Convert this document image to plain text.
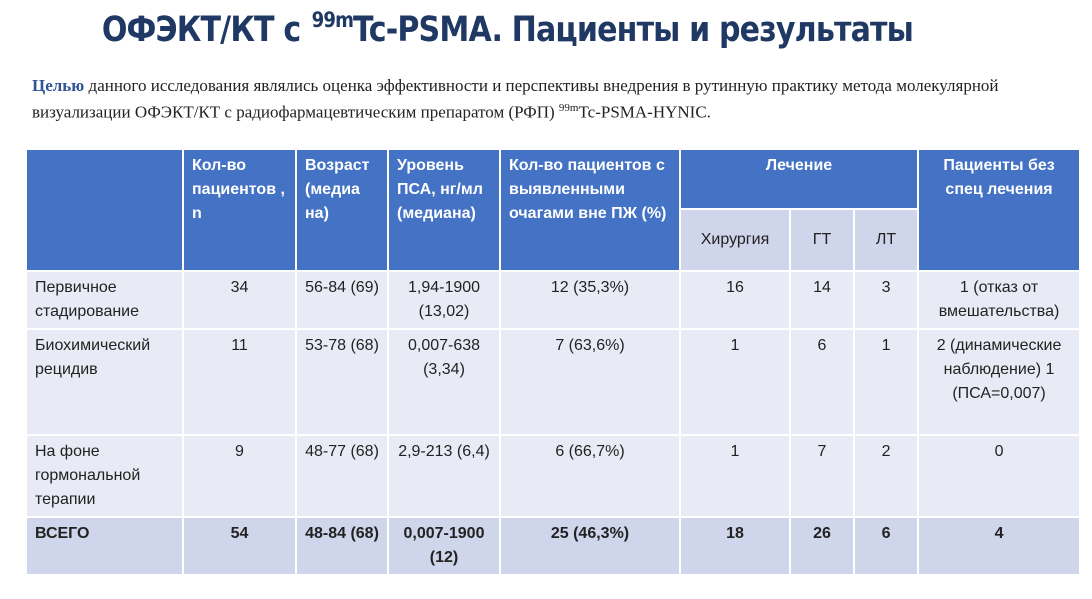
ОФЭКТ/КТ с $^{99m}$Tc-PSMA. Пациенты и результаты
Целью данного исследования являлись оценка эффективности и перспективы внедрения в рутинную практику метода молекулярной визуализации ОФЭКТ/КТ с радиофармацевтическим препаратом (РФП) $^{99m}$Tc-PSMA-HYNIC.
	Кол-во пациентов , n	Возраст (медиа на)	Уровень ПСА, нг/мл (медиана)	Кол-во пациентов с выявленными очагами вне ПЖ (%)	Лечение			Пациенты без спец лечения
					Хирургия	ГТ	ЛТ	
Первичное стадирование	34	56-84 (69)	1,94-1900 (13,02)	12 (35,3%)	16	14	3	1 (отказ от вмешательства)
Биохимический рецидив	11	53-78 (68)	0,007-638 (3,34)	7 (63,6%)	1	6	1	2 (динамические наблюдение) 1 (ПСА=0,007)
На фоне гормональной терапии	9	48-77 (68)	2,9-213 (6,4)	6 (66,7%)	1	7	2	0
ВСЕГО	54	48-84 (68)	0,007-1900 (12)	25 (46,3%)	18	26	6	4
